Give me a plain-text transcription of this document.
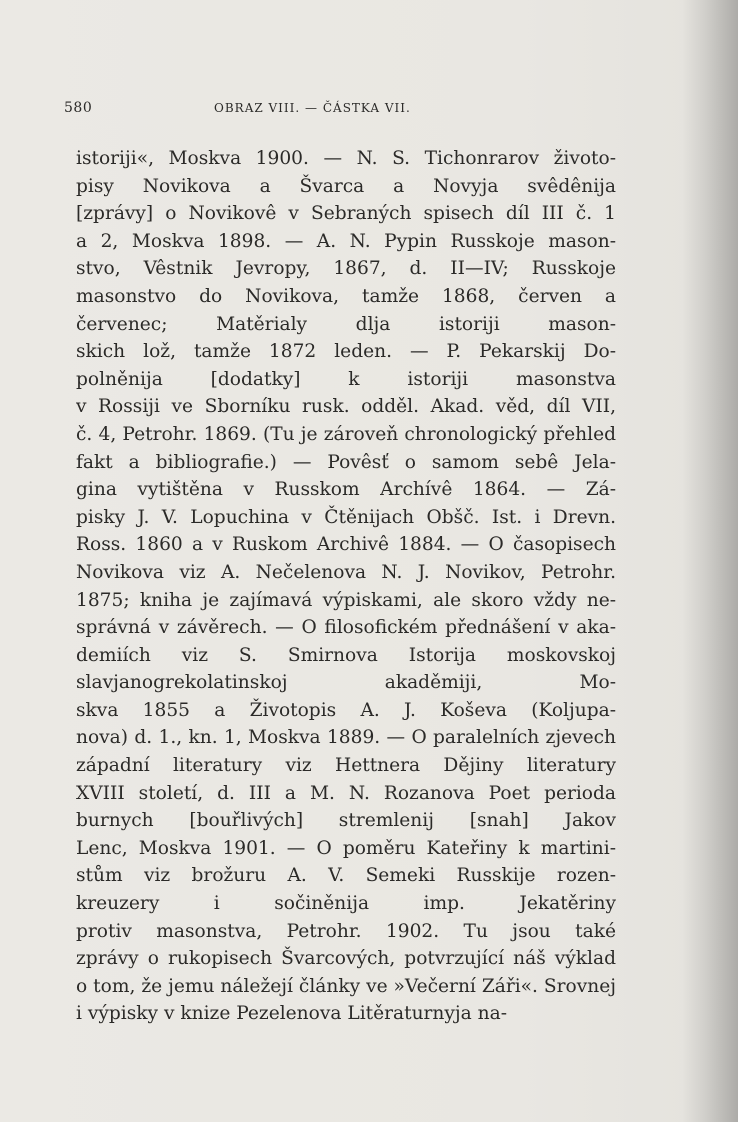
580	OBRAZ VIII. — ČÁSTKA VII.
istoriji«, Moskva 1900. — N. S. Tichonrarov životo-
pisy Novikova a Švarca a Novyja svêdênija
[zprávy] o Novikovê v Sebraných spisech díl III č. 1
a 2, Moskva 1898. — A. N. Pypin Russkoje mason-
stvo, Vêstnik Jevropy, 1867, d. II—IV; Russkoje
masonstvo do Novikova, tamže 1868, červen a
červenec; Matěrialy dlja istoriji mason-
skich lož, tamže 1872 leden. — P. Pekarskij Do-
polněnija [dodatky] k istoriji masonstva
v Rossiji ve Sborníku rusk. odděl. Akad. věd, díl VII,
č. 4, Petrohr. 1869. (Tu je zároveň chronologický přehled
fakt a bibliografie.) — Povêsť o samom sebê Jela-
gina vytištěna v Russkom Archívê 1864. — Zá-
pisky J. V. Lopuchina v Čtěnijach Obšč. Ist. i Drevn.
Ross. 1860 a v Ruskom Archivê 1884. — O časopisech
Novikova viz A. Nečelenova N. J. Novikov, Petrohr.
1875; kniha je zajímavá výpiskami, ale skoro vždy ne-
správná v závěrech. — O filosofickém přednášení v aka-
demiích viz S. Smirnova Istorija moskovskoj
slavjanogrekolatinskoj akaděmiji, Mo-
skva 1855 a Životopis A. J. Koševa (Koljupa-
nova) d. 1., kn. 1, Moskva 1889. — O paralelních zjevech
západní literatury viz Hettnera Dějiny literatury
XVIII století, d. III a M. N. Rozanova Poet perioda
burnych [bouřlivých] stremlenij [snah] Jakov
Lenc, Moskva 1901. — O poměru Kateřiny k martini-
stům viz brožuru A. V. Semeki Russkije rozen-
kreuzery i sočiněnija imp. Jekatěriny
protiv masonstva, Petrohr. 1902. Tu jsou také
zprávy o rukopisech Švarcových, potvrzující náš výklad
o tom, že jemu náležejí články ve »Večerní Záři«. Srovnej
i výpisky v knize Pezelenova Litěraturnyja na-
